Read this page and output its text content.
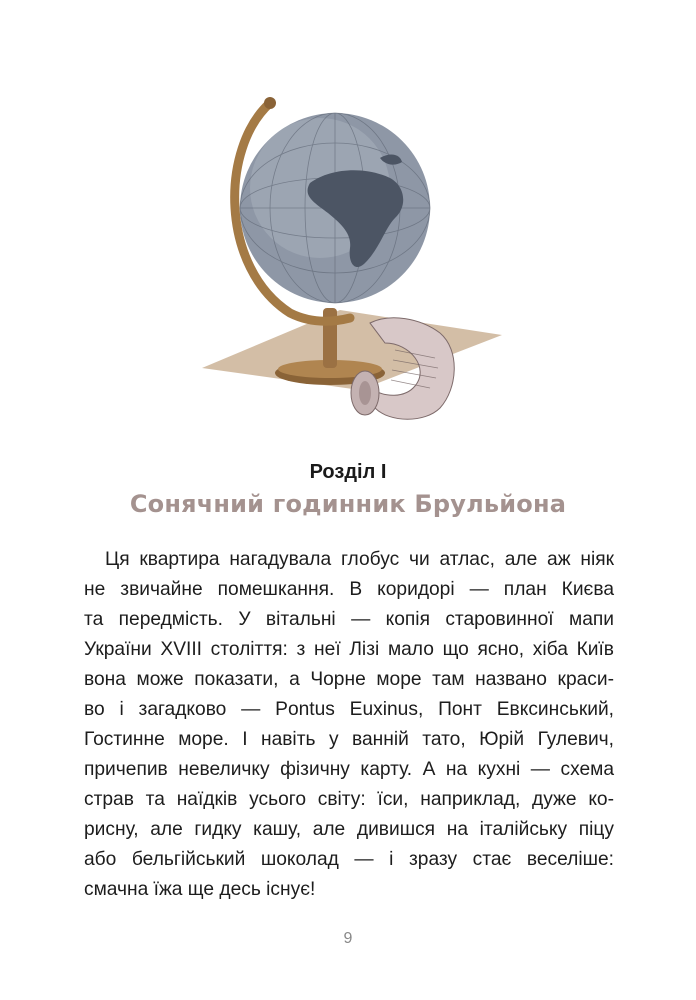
Розділ I
Сонячний годинник Брульйона
Ця квартира нагадувала глобус чи атлас, але аж ніяк
не звичайне помешкання. В коридорі — план Києва
та передмість. У вітальні — копія старовинної мапи
України XVIII століття: з неї Лізі мало що ясно, хіба Київ
вона може показати, а Чорне море там названо краси-
во і загадково — Pontus Euxinus, Понт Евксинський,
Гостинне море. І навіть у ванній тато, Юрій Гулевич,
причепив невеличку фізичну карту. А на кухні — схема
страв та наїдків усього світу: їси, наприклад, дуже ко-
рисну, але гидку кашу, але дивишся на італійську піцу
або бельгійський шоколад — і зразу стає веселіше:
смачна їжа ще десь існує!
9
